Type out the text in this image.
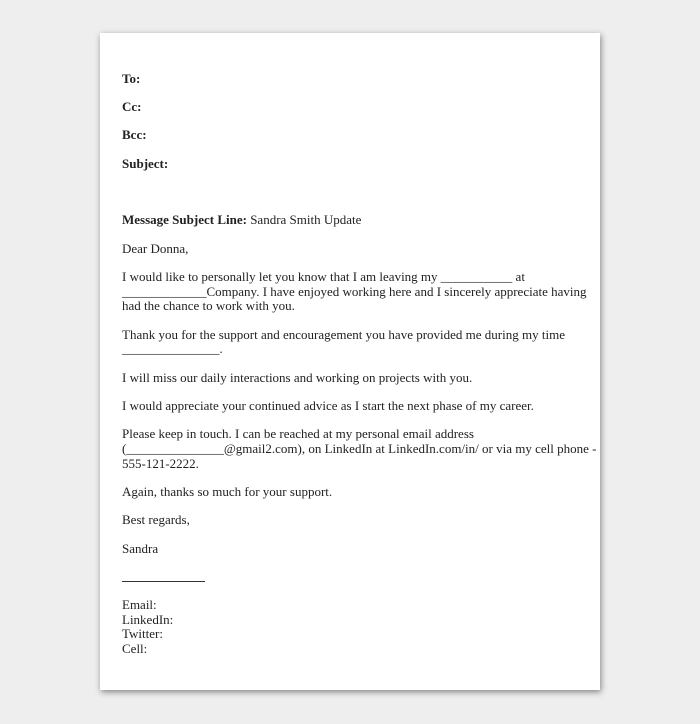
To:
Cc:
Bcc:
Subject:
Message Subject Line: Sandra Smith Update
Dear Donna,
I would like to personally let you know that I am leaving my ___________ at
_____________Company. I have enjoyed working here and I sincerely appreciate having
had the chance to work with you.
Thank you for the support and encouragement you have provided me during my time
_______________.
I will miss our daily interactions and working on projects with you.
I would appreciate your continued advice as I start the next phase of my career.
Please keep in touch. I can be reached at my personal email address
(_______________@gmail2.com), on LinkedIn at LinkedIn.com/in/ or via my cell phone -
555-121-2222.
Again, thanks so much for your support.
Best regards,
Sandra
Email:
LinkedIn:
Twitter:
Cell:
